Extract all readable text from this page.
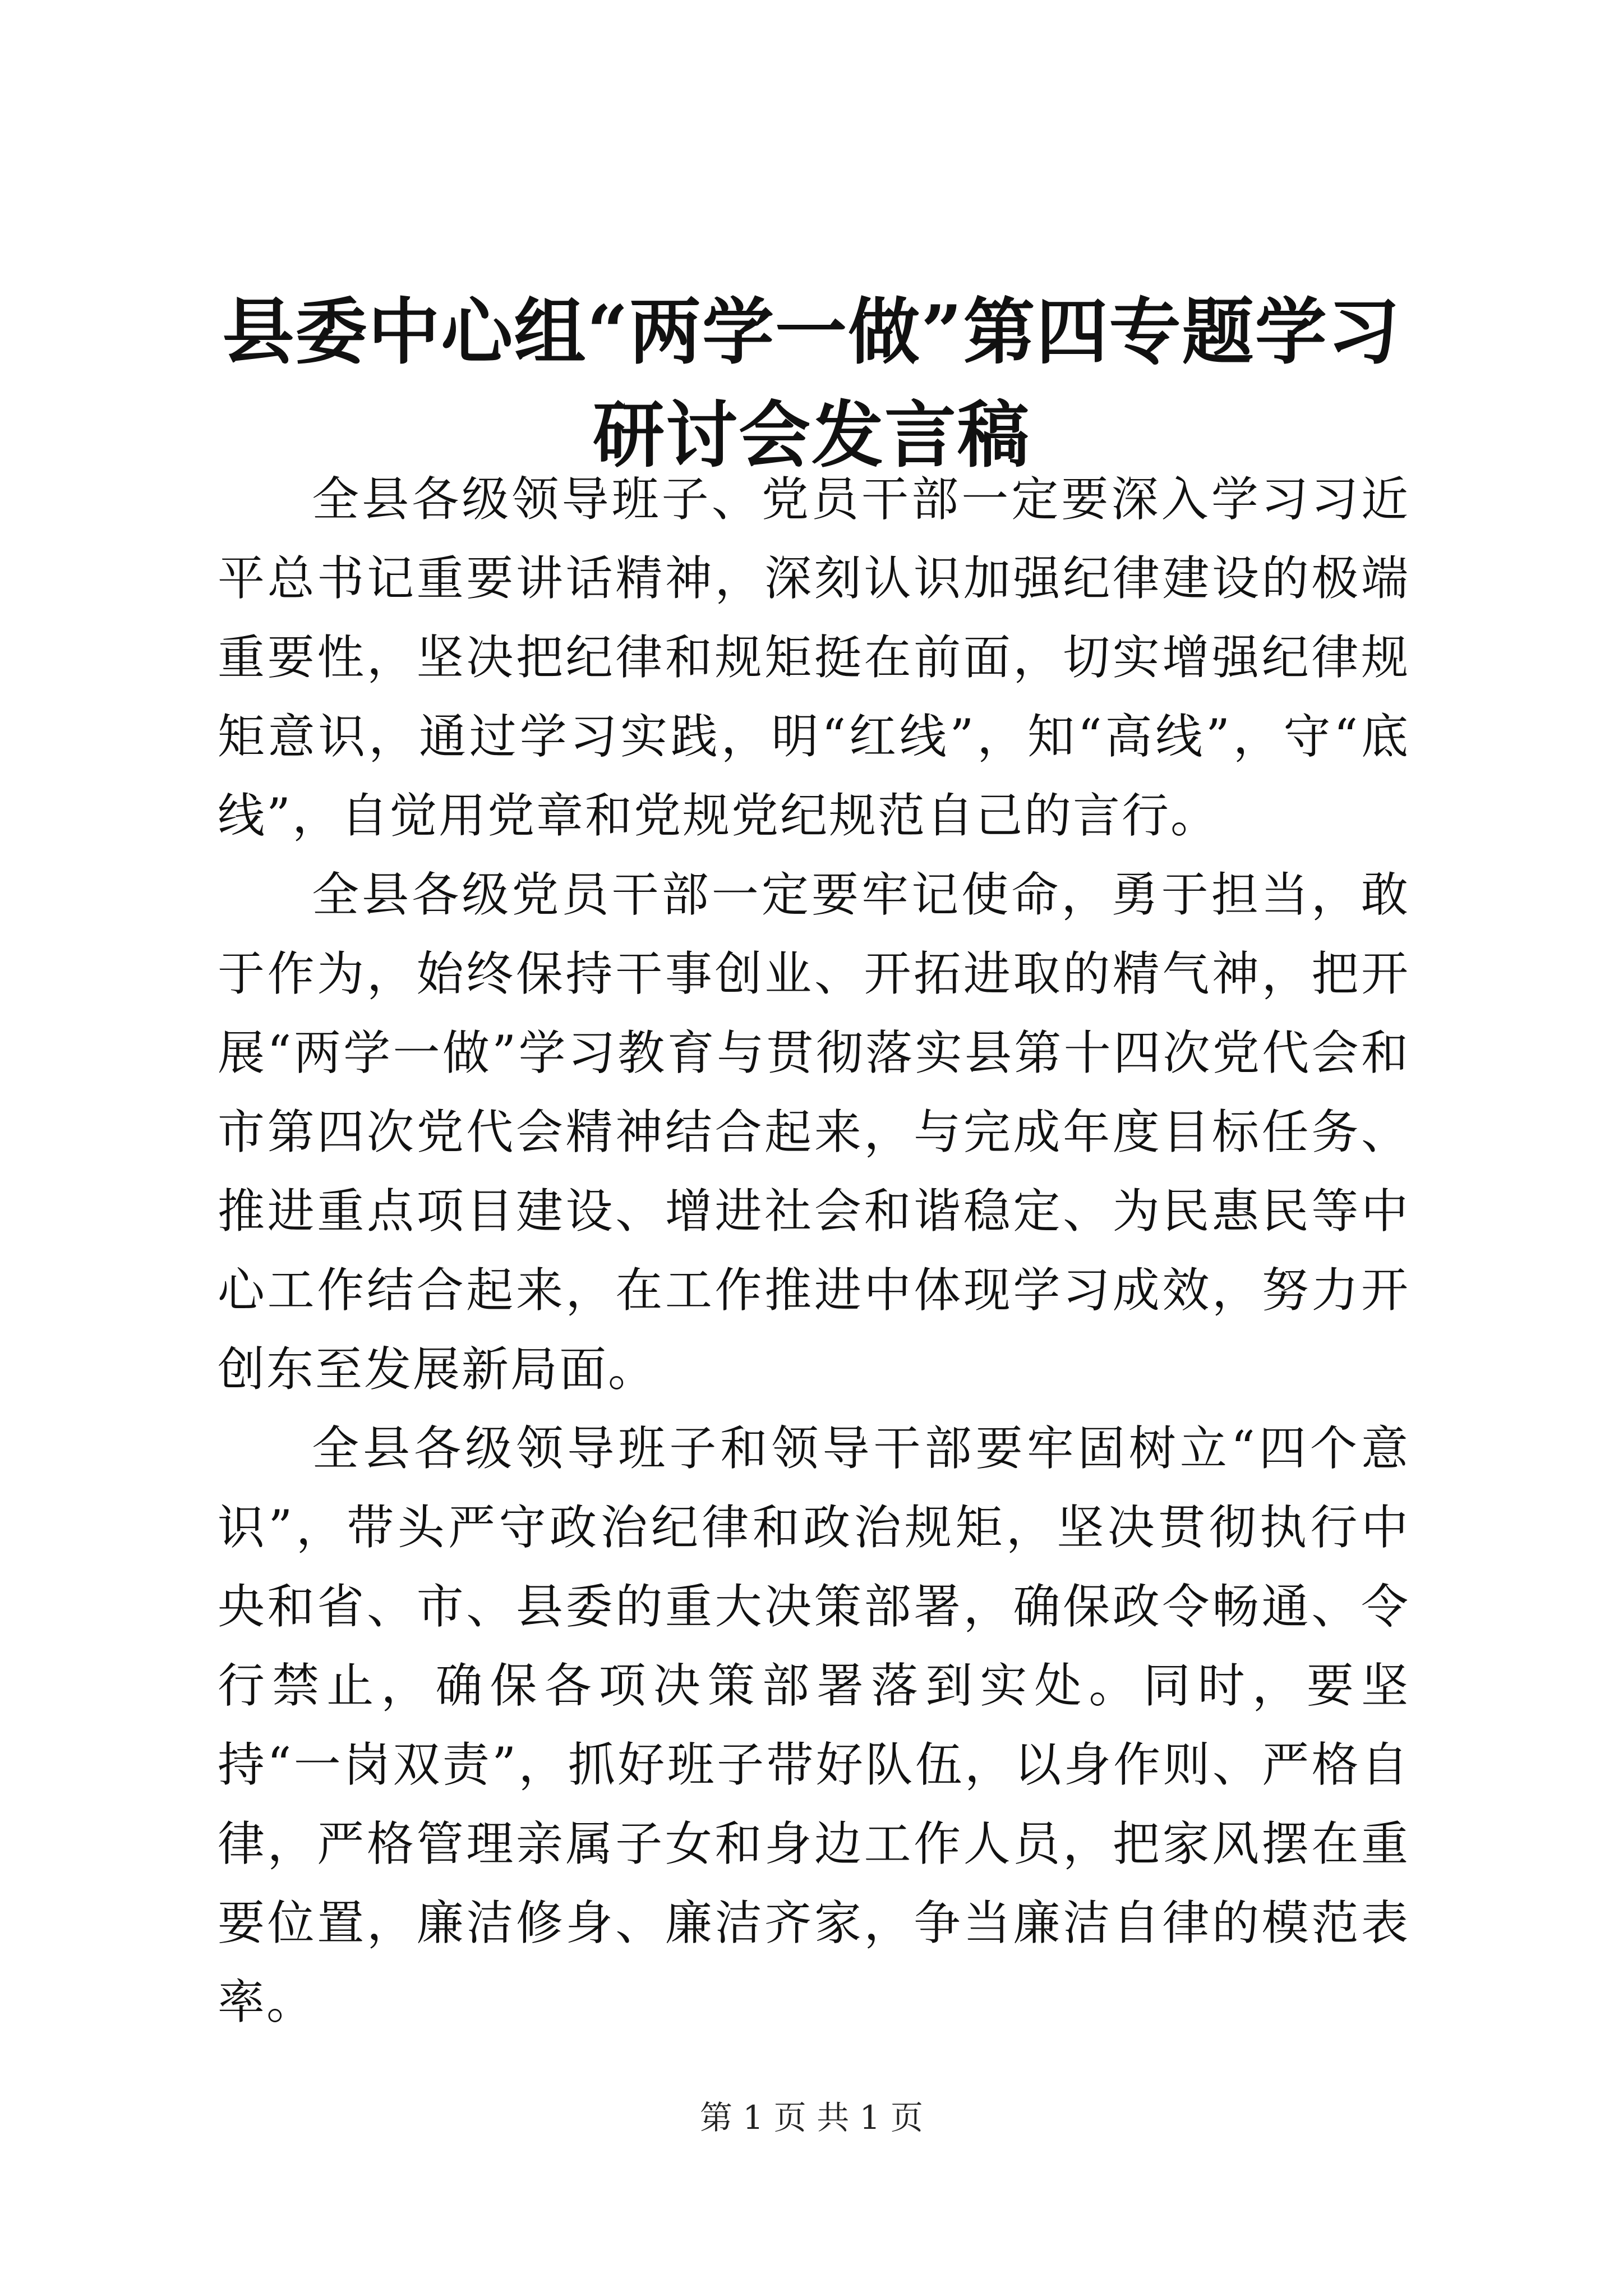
县委中心组“两学一做”第四专题学习研讨会发言稿

全县各级领导班子、党员干部一定要深入学习习近平总书记重要讲话精神，深刻认识加强纪律建设的极端重要性，坚决把纪律和规矩挺在前面，切实增强纪律规矩意识，通过学习实践，明“红线”，知“高线”，守“底线”，自觉用党章和党规党纪规范自己的言行。

全县各级党员干部一定要牢记使命，勇于担当，敢于作为，始终保持干事创业、开拓进取的精气神，把开展“两学一做”学习教育与贯彻落实县第十四次党代会和市第四次党代会精神结合起来，与完成年度目标任务、推进重点项目建设、增进社会和谐稳定、为民惠民等中心工作结合起来，在工作推进中体现学习成效，努力开创东至发展新局面。

全县各级领导班子和领导干部要牢固树立“四个意识”，带头严守政治纪律和政治规矩，坚决贯彻执行中央和省、市、县委的重大决策部署，确保政令畅通、令行禁止，确保各项决策部署落到实处。同时，要坚持“一岗双责”，抓好班子带好队伍，以身作则、严格自律，严格管理亲属子女和身边工作人员，把家风摆在重要位置，廉洁修身、廉洁齐家，争当廉洁自律的模范表率。

第 1 页 共 1 页
